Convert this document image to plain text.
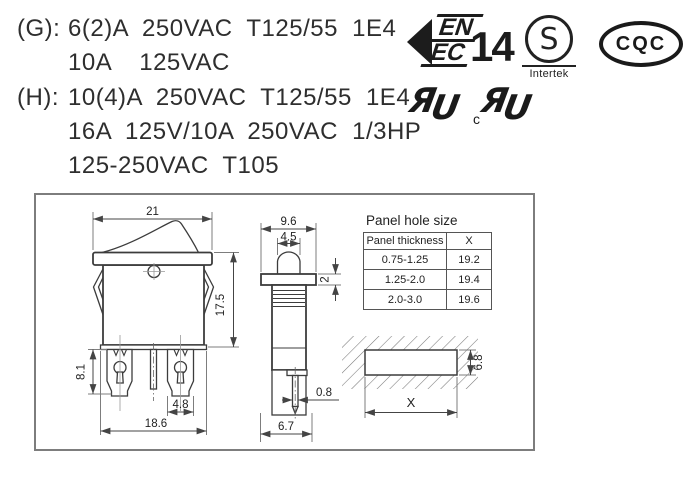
(G): 6(2)A 250VAC T125/55 1E4
10A  125VAC
(H): 10(4)A 250VAC T125/55 1E4
16A 125V/10A 250VAC 1/3HP
125-250VAC T105
EN
EC 14 S
Intertek
CQC
ЯU cЯU
21
17.5
8.1
4.8
18.6
9.6
4.5
2
0.8
6.7
6.8
X
Panel hole size
Panel thickness	X
0.75-1.25	19.2
1.25-2.0	19.4
2.0-3.0	19.6
